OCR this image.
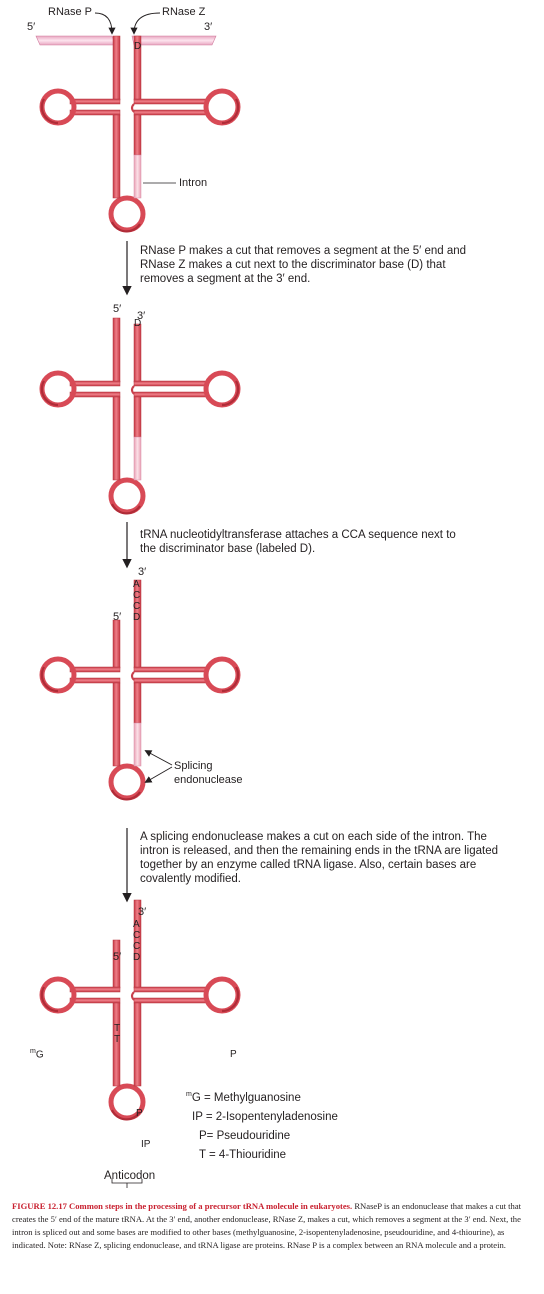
RNase P	RNase Z
5′	3′
D
Intron
RNase P makes a cut that removes a segment at the 5′ end and RNase Z makes a cut next to the discriminator base (D) that removes a segment at the 3′ end.
5′
3′
D
tRNA nucleotidyltransferase attaches a CCA sequence next to the discriminator base (labeled D).
3′
A
C
C
D
5′
Splicing
endonuclease
A splicing endonuclease makes a cut on each side of the intron. The intron is released, and then the remaining ends in the tRNA are ligated together by an enzyme called tRNA ligase. Also, certain bases are covalently modified.
3′
A
C
C
D
5′
T
T
$^m$G	P
P
IP
Anticodon
$^m$G = Methylguanosine
IP = 2-Isopentenyladenosine
P= Pseudouridine
T = 4-Thiouridine
FIGURE 12.17 Common steps in the processing of a precursor tRNA molecule in eukaryotes. RNaseP is an endonuclease that makes a cut that creates the 5′ end of the mature tRNA. At the 3′ end, another endonuclease, RNase Z, makes a cut, which removes a segment at the 3′ end. Next, the intron is spliced out and some bases are modified to other bases (methylguanosine, 2-isopentenyladenosine, pseudouridine, and 4-thiourine), as indicated. Note: RNase Z, splicing endonuclease, and tRNA ligase are proteins. RNase P is a complex between an RNA molecule and a protein.
